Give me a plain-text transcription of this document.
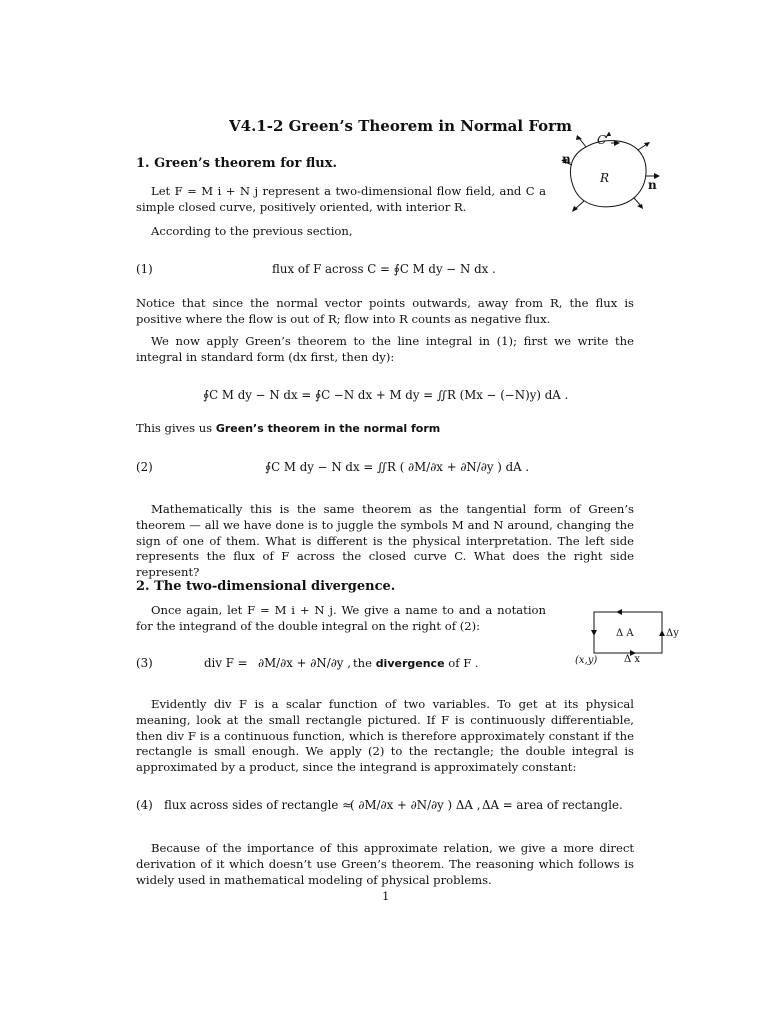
V4.1-2 Green’s Theorem in Normal Form
C
R
n
n
1. Green’s theorem for flux.

Let F = M i + N j represent a two-dimensional flow field, and C a simple closed curve, positively oriented, with interior R.

According to the previous section,

(1)	flux of F across C = ∮C M dy − N dx .

Notice that since the normal vector points outwards, away from R, the flux is positive where the flow is out of R; flow into R counts as negative flux.

We now apply Green’s theorem to the line integral in (1); first we write the integral in standard form (dx first, then dy):

∮C M dy − N dx = ∮C −N dx + M dy = ∬R (Mx − (−N)y) dA .
This gives us Green’s theorem in the normal form
(2)	∮C M dy − N dx = ∬R ( ∂M/∂x + ∂N/∂y ) dA .

Mathematically this is the same theorem as the tangential form of Green’s theorem — all we have done is to juggle the symbols M and N around, changing the sign of one of them. What is different is the physical interpretation. The left side represents the flux of F across the closed curve C. What does the right side represent?

2. The two-dimensional divergence.

Once again, let F = M i + N j. We give a name to and a notation for the integrand of the double integral on the right of (2):

Δ A	Δy
Δ x
(x,y)
(3)	div F = ∂M/∂x + ∂N/∂y , the divergence of F .

Evidently div F is a scalar function of two variables. To get at its physical meaning, look at the small rectangle pictured. If F is continuously differentiable, then div F is a continuous function, which is therefore approximately constant if the rectangle is small enough. We apply (2) to the rectangle; the double integral is approximated by a product, since the integrand is approximately constant:

(4) flux across sides of rectangle ≈
( ∂M/∂x + ∂N/∂y ) ΔA , ΔA = area of rectangle.

Because of the importance of this approximate relation, we give a more direct derivation of it which doesn’t use Green’s theorem. The reasoning which follows is widely used in mathematical modeling of physical problems.

1
